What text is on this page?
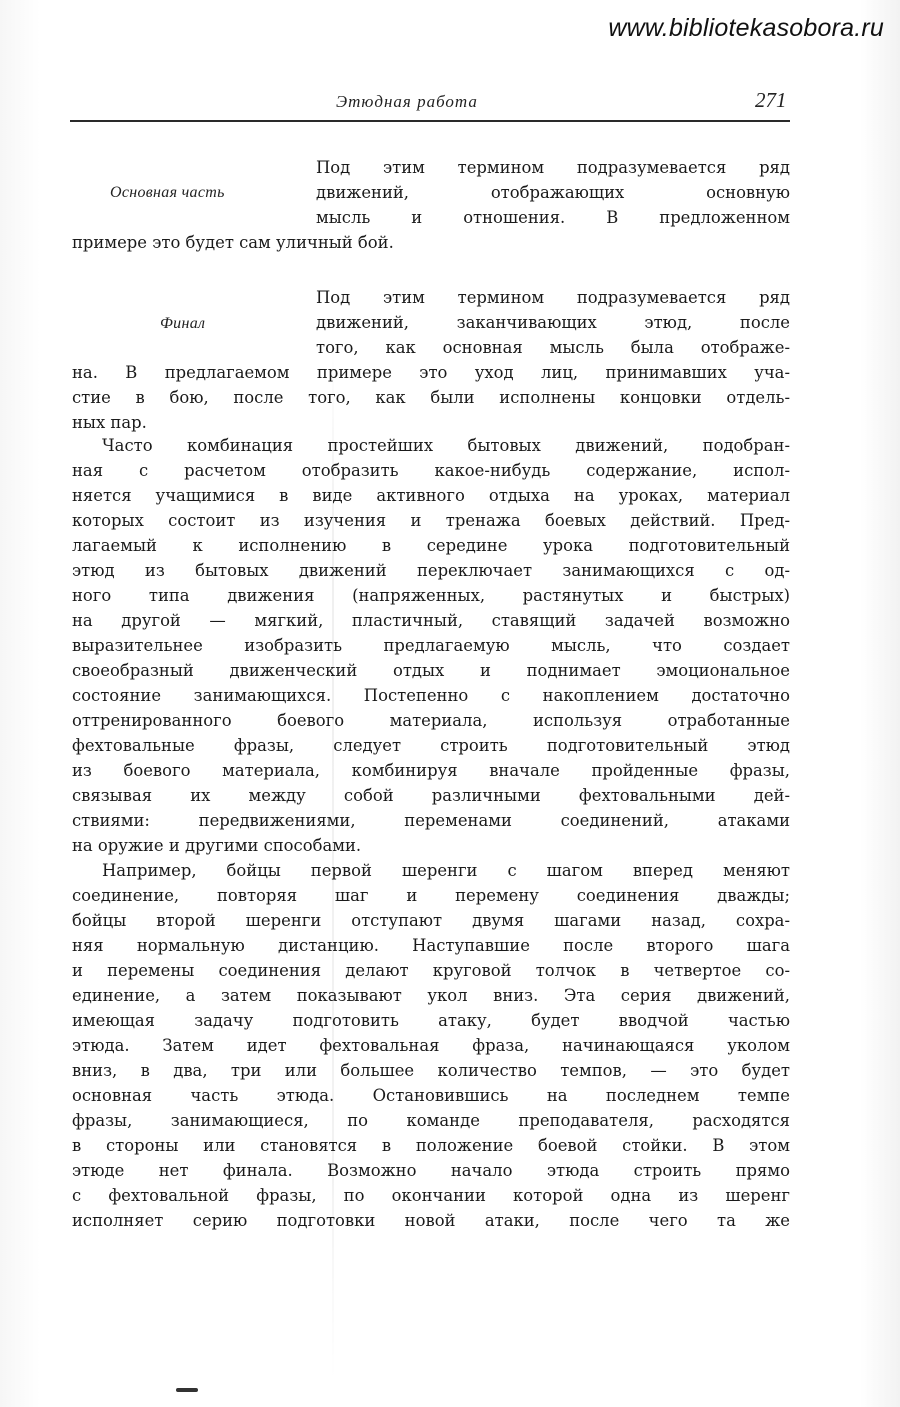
www.bibliotekasobora.ru
Этюдная работа	271
Основная часть
Под этим термином подразумевается ряд
движений, отображающих основную
мысль и отношения. В предложенном
примере это будет сам уличный бой.
Финал
Под этим термином подразумевается ряд
движений, заканчивающих этюд, после
того, как основная мысль была отображе-
на. В предлагаемом примере это уход лиц, принимавших уча-
стие в бою, после того, как были исполнены концовки отдель-
ных пар.
Часто комбинация простейших бытовых движений, подобран-
ная с расчетом отобразить какое-нибудь содержание, испол-
няется учащимися в виде активного отдыха на уроках, материал
которых состоит из изучения и тренажа боевых действий. Пред-
лагаемый к исполнению в середине урока подготовительный
этюд из бытовых движений переключает занимающихся с од-
ного типа движения (напряженных, растянутых и быстрых)
на другой — мягкий, пластичный, ставящий задачей возможно
выразительнее изобразить предлагаемую мысль, что создает
своеобразный движенческий отдых и поднимает эмоциональное
состояние занимающихся. Постепенно с накоплением достаточно
оттренированного боевого материала, используя отработанные
фехтовальные фразы, следует строить подготовительный этюд
из боевого материала, комбинируя вначале пройденные фразы,
связывая их между собой различными фехтовальными дей-
ствиями: передвижениями, переменами соединений, атаками
на оружие и другими способами.
Например, бойцы первой шеренги с шагом вперед меняют
соединение, повторяя шаг и перемену соединения дважды;
бойцы второй шеренги отступают двумя шагами назад, сохра-
няя нормальную дистанцию. Наступавшие после второго шага
и перемены соединения делают круговой толчок в четвертое со-
единение, а затем показывают укол вниз. Эта серия движений,
имеющая задачу подготовить атаку, будет вводчой частью
этюда. Затем идет фехтовальная фраза, начинающаяся уколом
вниз, в два, три или большее количество темпов, — это будет
основная часть этюда. Остановившись на последнем темпе
фразы, занимающиеся, по команде преподавателя, расходятся
в стороны или становятся в положение боевой стойки. В этом
этюде нет финала. Возможно начало этюда строить прямо
с фехтовальной фразы, по окончании которой одна из шеренг
исполняет серию подготовки новой атаки, после чего та же
